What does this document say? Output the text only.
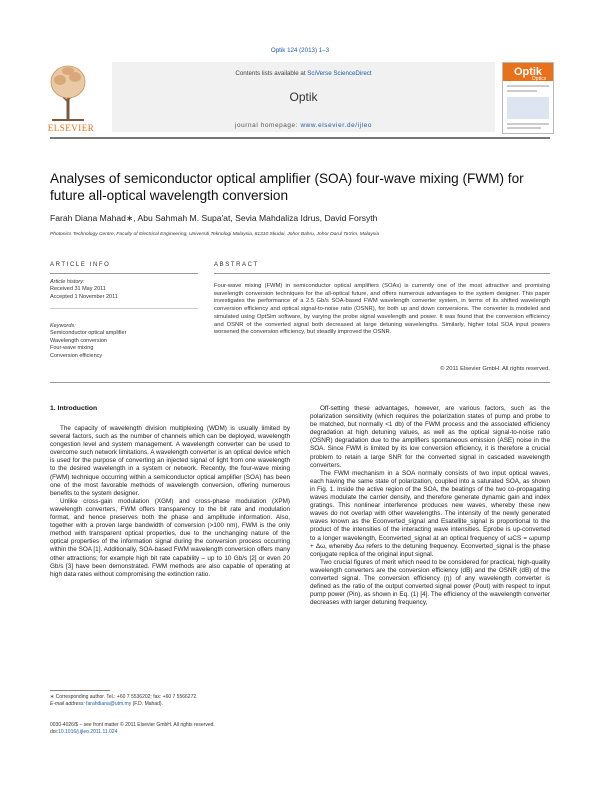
Optik 124 (2013) 1–3
ELSEVIER
Contents lists available at SciVerse ScienceDirect
Optik
journal homepage: www.elsevier.de/ijleo
Optik
Optics
Analyses of semiconductor optical amplifier (SOA) four-wave mixing (FWM) for future all-optical wavelength conversion
Farah Diana Mahad∗, Abu Sahmah M. Supa'at, Sevia Mahdaliza Idrus, David Forsyth
Photonics Technology Centre, Faculty of Electrical Engineering, Universiti Teknologi Malaysia, 81310 Skudai, Johor Bahru, Johor Darul Ta'zim, Malaysia
ARTICLE INFO
Article history:
Received 31 May 2011
Accepted 1 November 2011
Keywords:
Semiconductor optical amplifier
Wavelength conversion
Four-wave mixing
Conversion efficiency
ABSTRACT
Four-wave mixing (FWM) in semiconductor optical amplifiers (SOAs) is currently one of the most attractive and promising wavelength conversion techniques for the all-optical future, and offers numerous advantages to the system designer. This paper investigates the performance of a 2.5 Gb/s SOA-based FWM wavelength converter system, in terms of its shifted wavelength conversion efficiency and optical signal-to-noise ratio (OSNR), for both up and down conversions. The converter is modeled and simulated using OptSim software, by varying the probe signal wavelength and power. It was found that the conversion efficiency and OSNR of the converted signal both decreased at large detuning wavelengths. Similarly, higher total SOA input powers worsened the conversion efficiency, but steadily improved the OSNR.
© 2011 Elsevier GmbH. All rights reserved.
1. Introduction

The capacity of wavelength division multiplexing (WDM) is usually limited by several factors, such as the number of channels which can be deployed, wavelength congestion level and system management. A wavelength converter can be used to overcome such network limitations. A wavelength converter is an optical device which is used for the purpose of converting an injected signal of light from one wavelength to the desired wavelength in a system or network. Recently, the four-wave mixing (FWM) technique occurring within a semiconductor optical amplifier (SOA) has been one of the most favorable methods of wavelength conversion, offering numerous benefits to the system designer.

Unlike cross-gain modulation (XGM) and cross-phase modulation (XPM) wavelength converters, FWM offers transparency to the bit rate and modulation format, and hence preserves both the phase and amplitude information. Also, together with a proven large bandwidth of conversion (>100 nm), FWM is the only method with transparent optical properties, due to the unchanging nature of the optical properties of the information signal during the conversion process occurring within the SOA [1]. Additionally, SOA-based FWM wavelength conversion offers many other attractions; for example high bit rate capability – up to 10 Gb/s [2] or even 20 Gb/s [3] have been demonstrated. FWM methods are also capable of operating at high data rates without compromising the extinction ratio.

Off-setting these advantages, however, are various factors, such as the polarization sensitivity (which requires the polarization states of pump and probe to be matched, but normally <1 db) of the FWM process and the associated efficiency degradation at high detuning values, as well as the optical signal-to-noise ratio (OSNR) degradation due to the amplifiers spontaneous emission (ASE) noise in the SOA. Since FWM is limited by its low conversion efficiency, it is therefore a crucial problem to retain a large SNR for the converted signal in cascaded wavelength converters.

The FWM mechanism in a SOA normally consists of two input optical waves, each having the same state of polarization, coupled into a saturated SOA, as shown in Fig. 1. Inside the active region of the SOA, the beatings of the two co-propagating waves modulate the carrier density, and therefore generate dynamic gain and index gratings. This nonlinear interference produces new waves, whereby these new waves do not overlap with other wavelengths. The intensity of the newly generated waves known as the Econverted_signal and Esatellite_signal is proportional to the product of the intensities of the interacting wave intensities. Eprobe is up-converted to a longer wavelength, Econverted_signal at an optical frequency of ωCS = ωpump + Δω, whereby Δω refers to the detuning frequency. Econverted_signal is the phase conjugate replica of the original input signal.

Two crucial figures of merit which need to be considered for practical, high-quality wavelength converters are the conversion efficiency (dB) and the OSNR (dB) of the converted signal. The conversion efficiency (η) of any wavelength converter is defined as the ratio of the output converted signal power (Pout) with respect to input pump power (Pin), as shown in Eq. (1) [4]. The efficiency of the wavelength converter decreases with larger detuning frequency,

∗ Corresponding author. Tel.: +60 7 5536202; fax: +60 7 5566272.
E-mail address: farahdiana@utm.my (F.D. Mahad).
0030-4026/$ – see front matter © 2011 Elsevier GmbH. All rights reserved.
doi:10.1016/j.ijleo.2011.11.024
